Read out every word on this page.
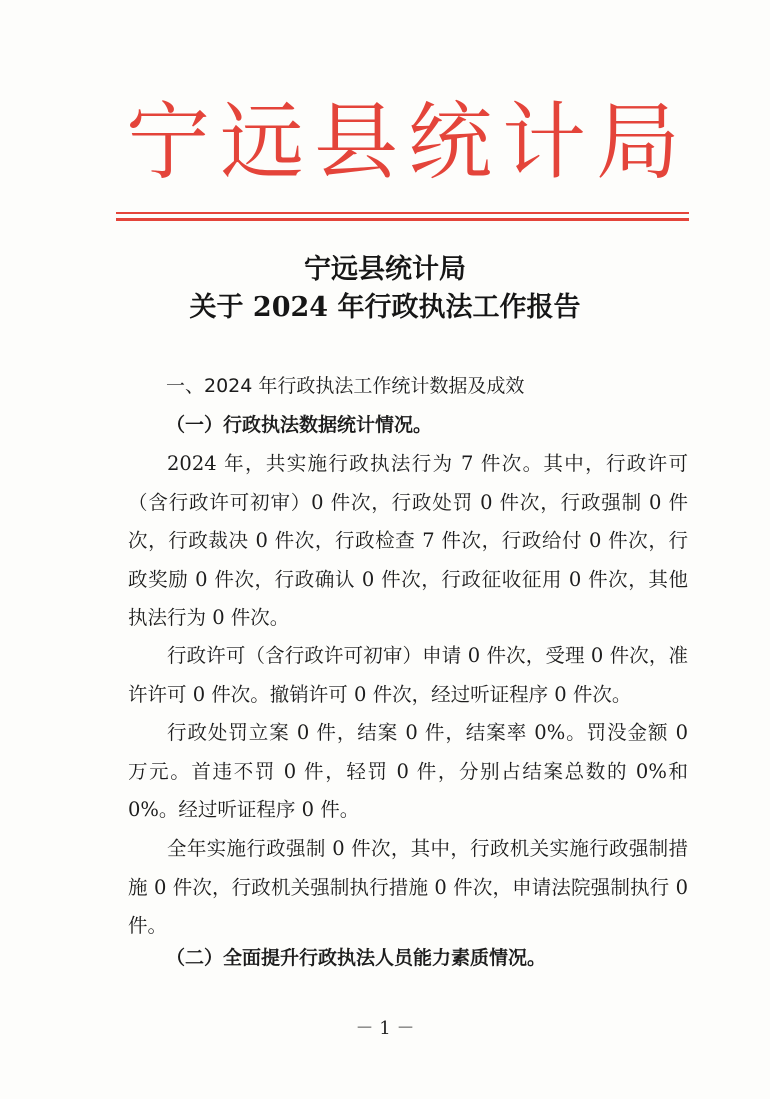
宁远县统计局
宁远县统计局
关于 2024 年行政执法工作报告
一、2024 年行政执法工作统计数据及成效
（一）行政执法数据统计情况。
2024 年，共实施行政执法行为 7 件次。其中，行政许可（含行政许可初审）0 件次，行政处罚 0 件次，行政强制 0 件次，行政裁决 0 件次，行政检查 7 件次，行政给付 0 件次，行政奖励 0 件次，行政确认 0 件次，行政征收征用 0 件次，其他执法行为 0 件次。
行政许可（含行政许可初审）申请 0 件次，受理 0 件次，准许许可 0 件次。撤销许可 0 件次，经过听证程序 0 件次。
行政处罚立案 0 件，结案 0 件，结案率 0%。罚没金额 0 万元。首违不罚 0 件，轻罚 0 件，分别占结案总数的 0%和 0%。经过听证程序 0 件。
全年实施行政强制 0 件次，其中，行政机关实施行政强制措施 0 件次，行政机关强制执行措施 0 件次，申请法院强制执行 0 件。
（二）全面提升行政执法人员能力素质情况。
－ 1 －
